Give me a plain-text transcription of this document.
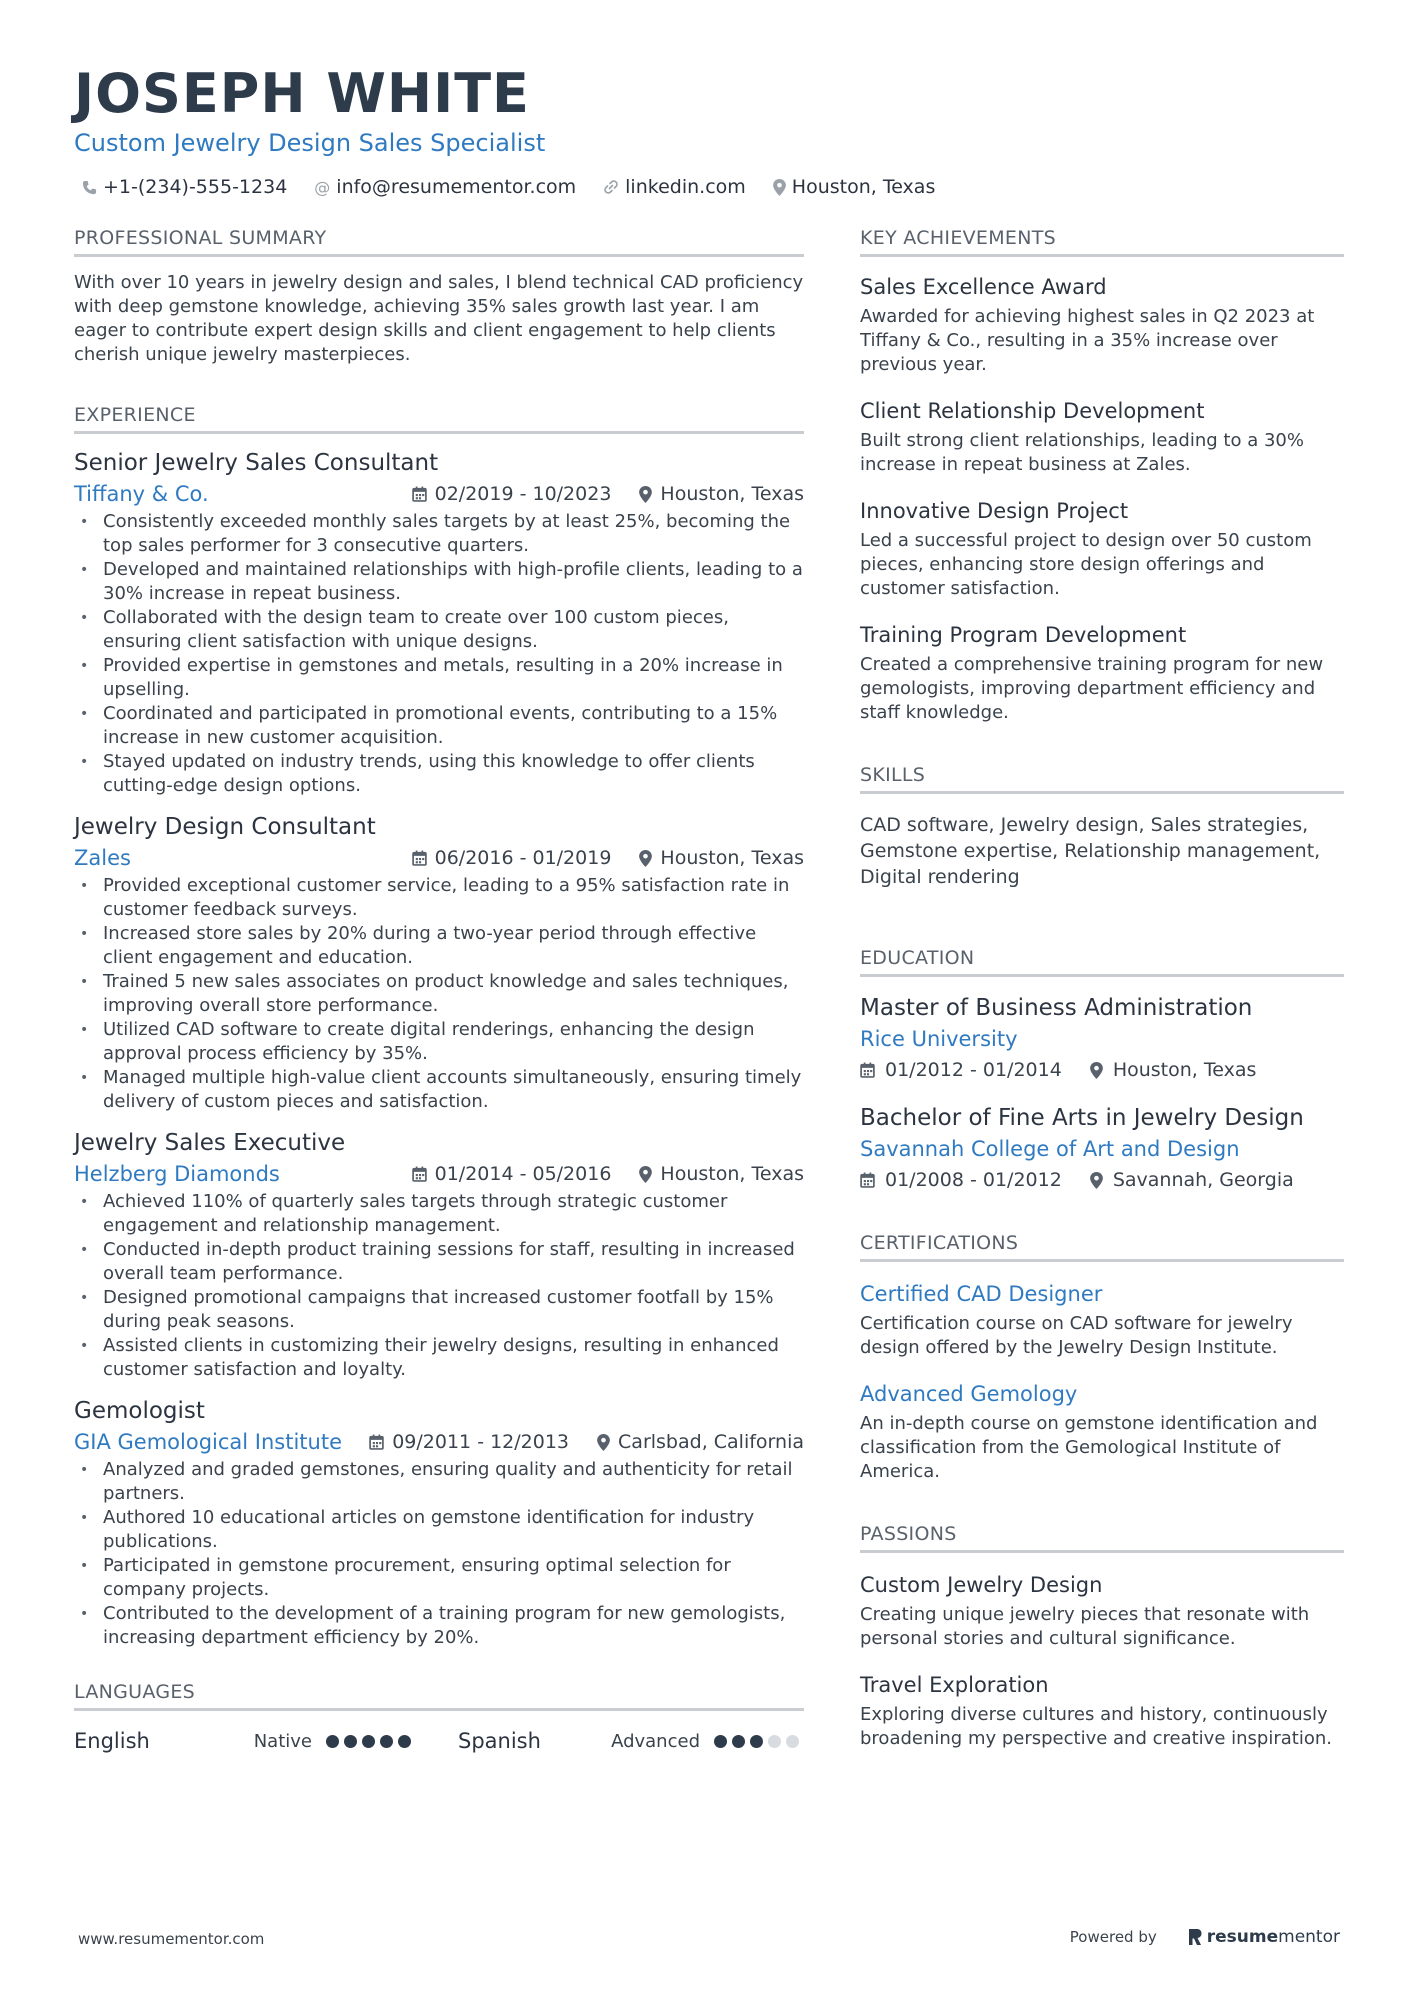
JOSEPH WHITE
Custom Jewelry Design Sales Specialist
+1-(234)-555-1234 @ info@resumementor.com	linkedin.com Houston, Texas
PROFESSIONAL SUMMARY

With over 10 years in jewelry design and sales, I blend technical CAD proficiency with deep gemstone knowledge, achieving 35% sales growth last year. I am eager to contribute expert design skills and client engagement to help clients cherish unique jewelry masterpieces.

EXPERIENCE
Senior Jewelry Sales Consultant
Tiffany & Co.	02/2019 - 10/2023	Houston, Texas
• Consistently exceeded monthly sales targets by at least 25%, becoming the top sales performer for 3 consecutive quarters.
• Developed and maintained relationships with high-profile clients, leading to a 30% increase in repeat business.
• Collaborated with the design team to create over 100 custom pieces, ensuring client satisfaction with unique designs.
• Provided expertise in gemstones and metals, resulting in a 20% increase in upselling.
• Coordinated and participated in promotional events, contributing to a 15% increase in new customer acquisition.
• Stayed updated on industry trends, using this knowledge to offer clients cutting-edge design options.
Jewelry Design Consultant
Zales	06/2016 - 01/2019	Houston, Texas
• Provided exceptional customer service, leading to a 95% satisfaction rate in customer feedback surveys.
• Increased store sales by 20% during a two-year period through effective client engagement and education.
• Trained 5 new sales associates on product knowledge and sales techniques, improving overall store performance.
• Utilized CAD software to create digital renderings, enhancing the design approval process efficiency by 35%.
• Managed multiple high-value client accounts simultaneously, ensuring timely delivery of custom pieces and satisfaction.
Jewelry Sales Executive
Helzberg Diamonds	01/2014 - 05/2016	Houston, Texas
• Achieved 110% of quarterly sales targets through strategic customer engagement and relationship management.
• Conducted in-depth product training sessions for staff, resulting in increased overall team performance.
• Designed promotional campaigns that increased customer footfall by 15% during peak seasons.
• Assisted clients in customizing their jewelry designs, resulting in enhanced customer satisfaction and loyalty.
Gemologist
GIA Gemological Institute	09/2011 - 12/2013	Carlsbad, California
• Analyzed and graded gemstones, ensuring quality and authenticity for retail partners.
• Authored 10 educational articles on gemstone identification for industry publications.
• Participated in gemstone procurement, ensuring optimal selection for company projects.
• Contributed to the development of a training program for new gemologists, increasing department efficiency by 20%.
LANGUAGES
English	Native	Spanish	Advanced
KEY ACHIEVEMENTS
Sales Excellence Award

Awarded for achieving highest sales in Q2 2023 at Tiffany & Co., resulting in a 35% increase over previous year.

Client Relationship Development

Built strong client relationships, leading to a 30% increase in repeat business at Zales.

Innovative Design Project

Led a successful project to design over 50 custom pieces, enhancing store design offerings and customer satisfaction.

Training Program Development

Created a comprehensive training program for new gemologists, improving department efficiency and staff knowledge.

SKILLS

CAD software, Jewelry design, Sales strategies, Gemstone expertise, Relationship management, Digital rendering

EDUCATION
Master of Business Administration
Rice University
01/2012 - 01/2014	Houston, Texas
Bachelor of Fine Arts in Jewelry Design
Savannah College of Art and Design
01/2008 - 01/2012	Savannah, Georgia
CERTIFICATIONS
Certified CAD Designer

Certification course on CAD software for jewelry design offered by the Jewelry Design Institute.

Advanced Gemology

An in-depth course on gemstone identification and classification from the Gemological Institute of America.

PASSIONS
Custom Jewelry Design

Creating unique jewelry pieces that resonate with personal stories and cultural significance.

Travel Exploration

Exploring diverse cultures and history, continuously broadening my perspective and creative inspiration.

www.resumementor.com	Powered by	resume mentor
